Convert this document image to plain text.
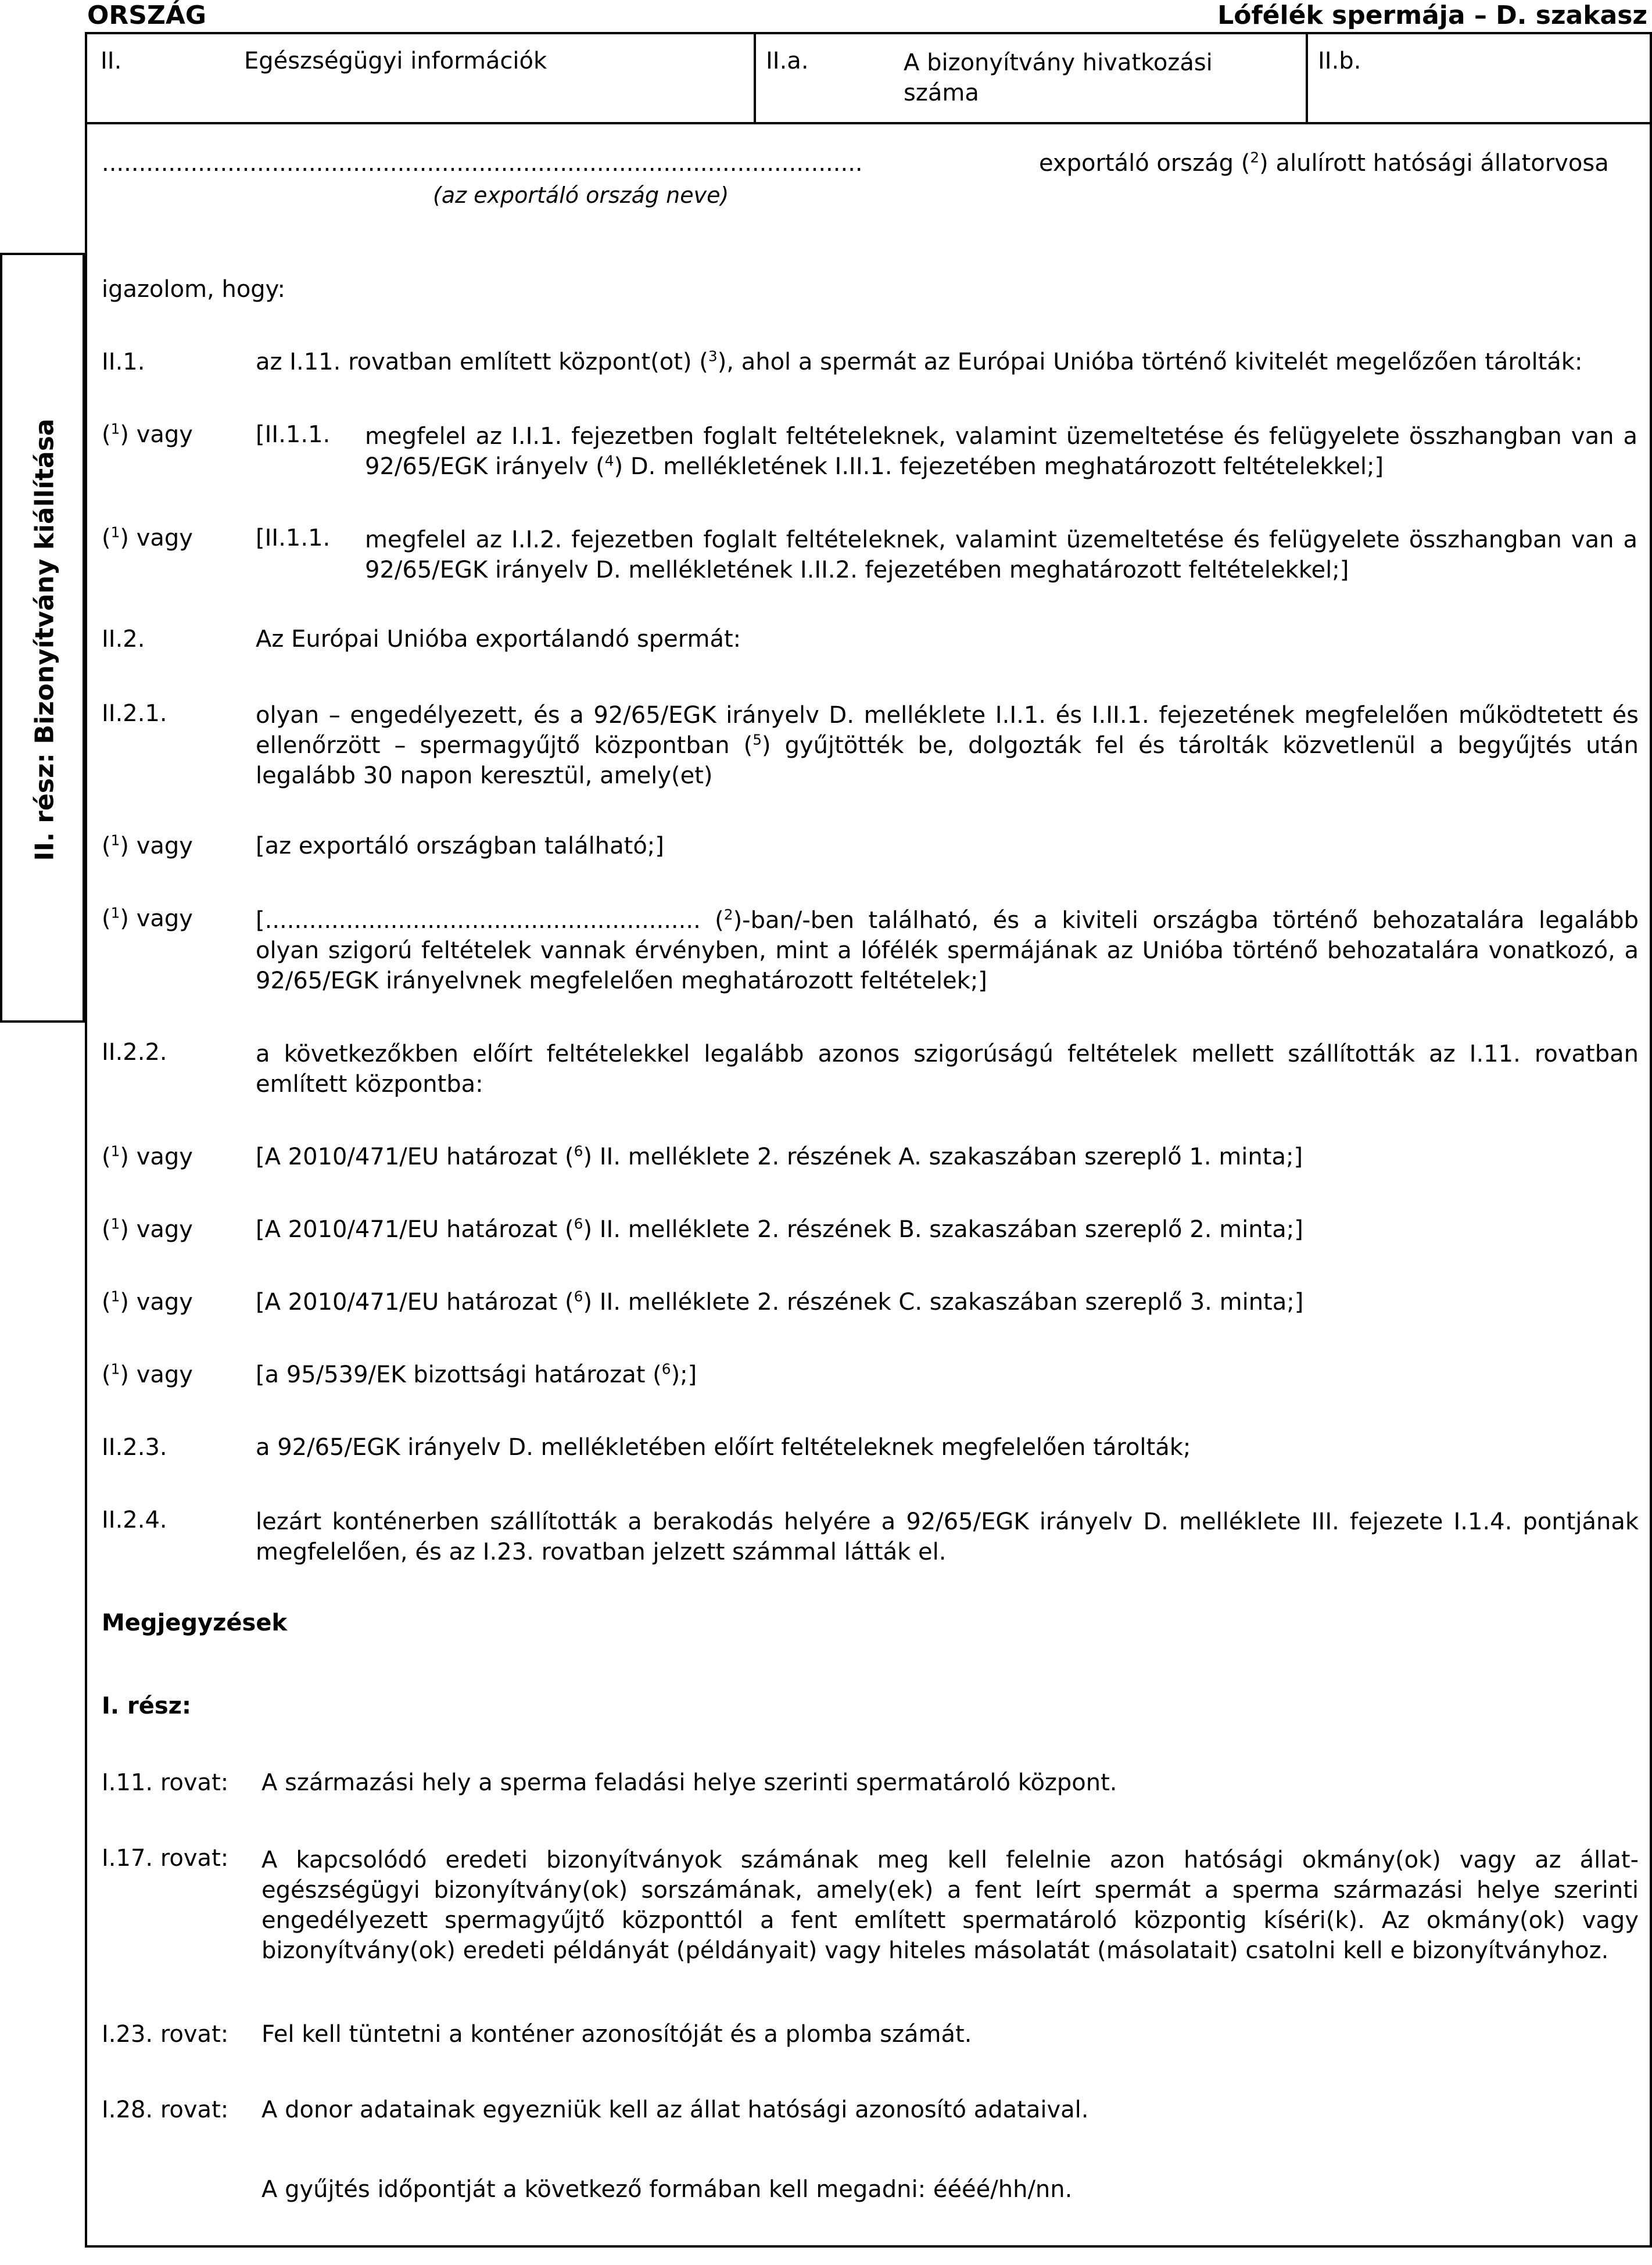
ORSZÁG	Lófélék spermája – D. szakasz
II.	Egészségügyi információk	II.a.	A bizonyítvány hivatkozási száma
II.b.
II. rész: Bizonyítvány kiállítása
.......................................................................................................	exportáló ország ($^2$) alulírott hatósági állatorvosa
(az exportáló ország neve)
igazolom, hogy:
II.1.	az I.11. rovatban említett központ(ot) ($^3$), ahol a spermát az Európai Unióba történő kivitelét megelőzően tárolták:
($^1$) vagy	[II.1.1. megfelel az I.I.1. fejezetben foglalt feltételeknek, valamint üzemeltetése és felügyelete összhangban van a 92/65/EGK irányelv ($^4$) D. mellékletének I.II.1. fejezetében meghatározott feltételekkel;]
($^1$) vagy	[II.1.1. megfelel az I.I.2. fejezetben foglalt feltételeknek, valamint üzemeltetése és felügyelete összhangban van a 92/65/EGK irányelv D. mellékletének I.II.2. fejezetében meghatározott feltételekkel;]
II.2.	Az Európai Unióba exportálandó spermát:
II.2.1.	olyan – engedélyezett, és a 92/65/EGK irányelv D. melléklete I.I.1. és I.II.1. fejezetének megfelelően működtetett és ellenőrzött – spermagyűjtő központban ($^5$) gyűjtötték be, dolgozták fel és tárolták közvetlenül a begyűjtés után legalább 30 napon keresztül, amely(et)
($^1$) vagy	[az exportáló országban található;]
($^1$) vagy	[........................................................... ($^2$)-ban/-ben található, és a kiviteli országba történő behozatalára legalább olyan szigorú feltételek vannak érvényben, mint a lófélék spermájának az Unióba történő behozatalára vonatkozó, a 92/65/EGK irányelvnek megfelelően meghatározott feltételek;]
II.2.2.	a következőkben előírt feltételekkel legalább azonos szigorúságú feltételek mellett szállították az I.11. rovatban említett központba:
($^1$) vagy	[A 2010/471/EU határozat ($^6$) II. melléklete 2. részének A. szakaszában szereplő 1. minta;]
($^1$) vagy	[A 2010/471/EU határozat ($^6$) II. melléklete 2. részének B. szakaszában szereplő 2. minta;]
($^1$) vagy	[A 2010/471/EU határozat ($^6$) II. melléklete 2. részének C. szakaszában szereplő 3. minta;]
($^1$) vagy	[a 95/539/EK bizottsági határozat ($^6$);]
II.2.3.	a 92/65/EGK irányelv D. mellékletében előírt feltételeknek megfelelően tárolták;
II.2.4.	lezárt konténerben szállították a berakodás helyére a 92/65/EGK irányelv D. melléklete III. fejezete I.1.4. pontjának megfelelően, és az I.23. rovatban jelzett számmal látták el.
Megjegyzések
I. rész:
I.11. rovat: A származási hely a sperma feladási helye szerinti spermatároló központ.
I.17. rovat: A kapcsolódó eredeti bizonyítványok számának meg kell felelnie azon hatósági okmány(ok) vagy az állat-egészségügyi bizonyítvány(ok) sorszámának, amely(ek) a fent leírt spermát a sperma származási helye szerinti engedélyezett spermagyűjtő központtól a fent említett spermatároló központig kíséri(k). Az okmány(ok) vagy bizonyítvány(ok) eredeti példányát (példányait) vagy hiteles másolatát (másolatait) csatolni kell e bizonyítványhoz.
I.23. rovat: Fel kell tüntetni a konténer azonosítóját és a plomba számát.
I.28. rovat: A donor adatainak egyezniük kell az állat hatósági azonosító adataival.
A gyűjtés időpontját a következő formában kell megadni: éééé/hh/nn.
